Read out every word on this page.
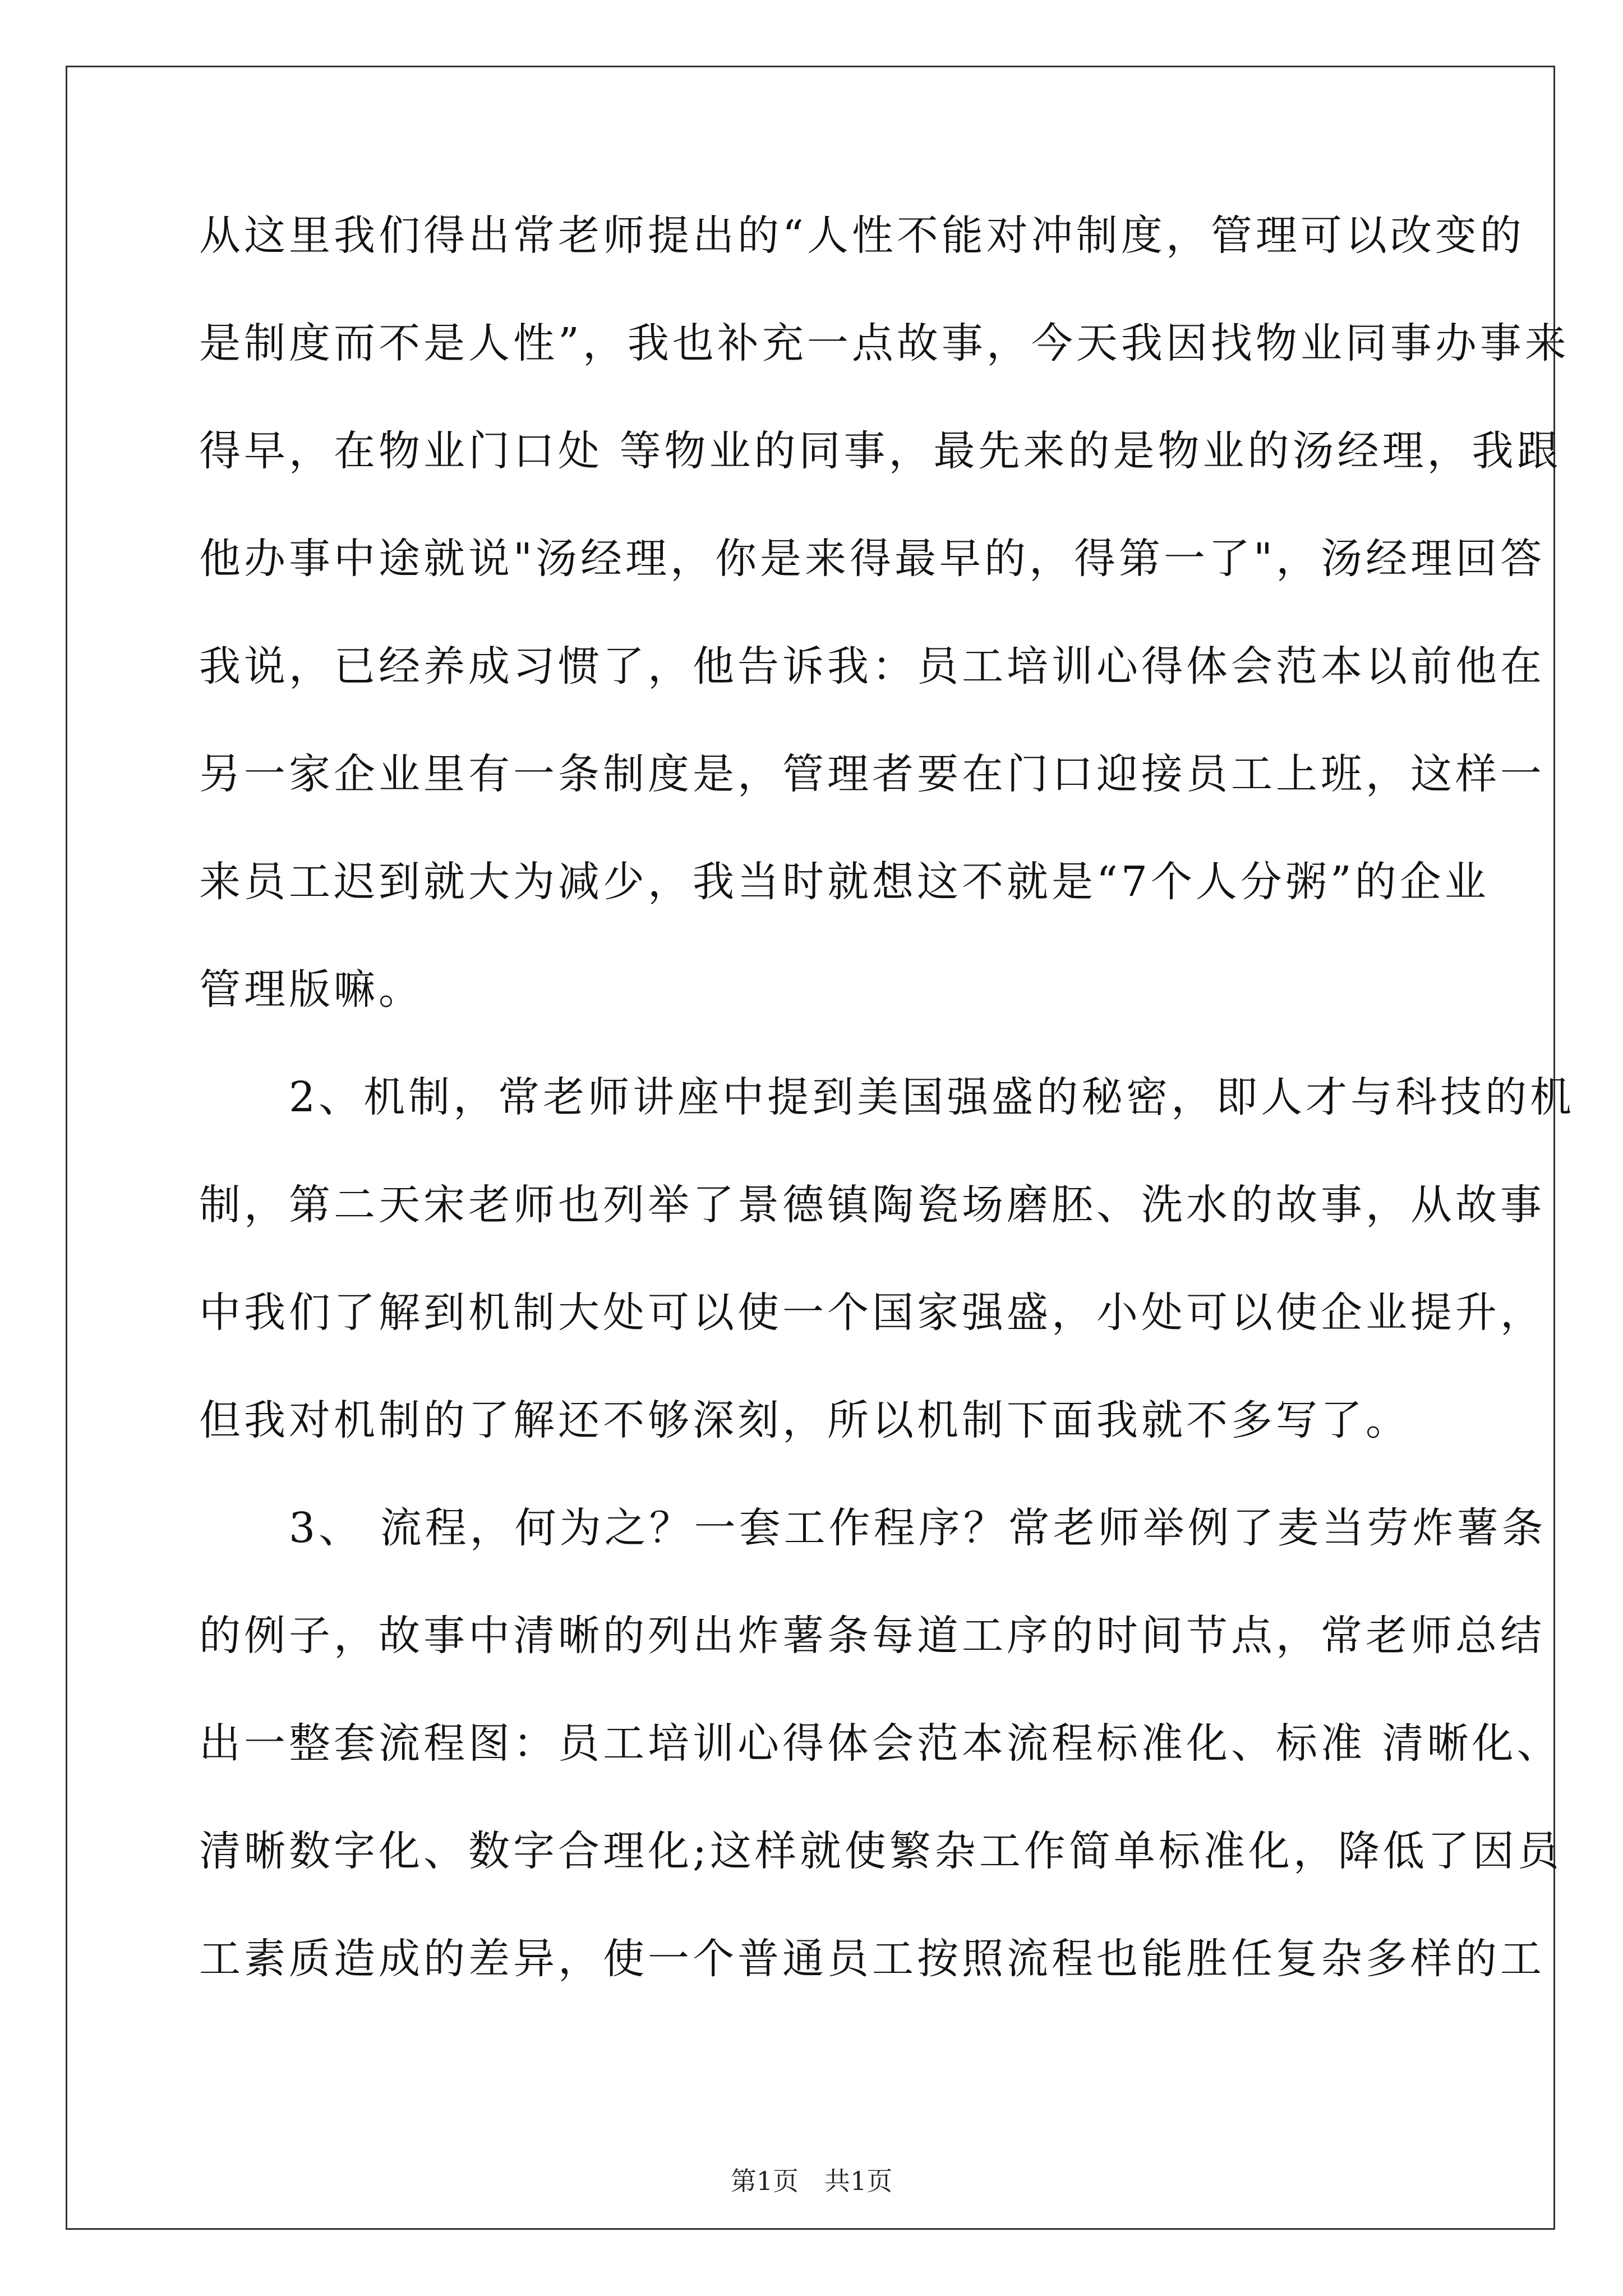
从这里我们得出常老师提出的“人性不能对冲制度，管理可以改变的
是制度而不是人性”，我也补充一点故事，今天我因找物业同事办事来
得早，在物业门口处 等物业的同事，最先来的是物业的汤经理，我跟
他办事中途就说"汤经理，你是来得最早的，得第一了"，汤经理回答
我说，已经养成习惯了，他告诉我：员工培训心得体会范本以前他在
另一家企业里有一条制度是，管理者要在门口迎接员工上班，这样一
来员工迟到就大为减少，我当时就想这不就是“7个人分粥”的企业
管理版嘛。
　　2、机制，常老师讲座中提到美国强盛的秘密，即人才与科技的机
制，第二天宋老师也列举了景德镇陶瓷场磨胚、洗水的故事，从故事
中我们了解到机制大处可以使一个国家强盛，小处可以使企业提升，
但我对机制的了解还不够深刻，所以机制下面我就不多写了。
　　3、 流程，何为之？一套工作程序？常老师举例了麦当劳炸薯条
的例子，故事中清晰的列出炸薯条每道工序的时间节点，常老师总结
出一整套流程图：员工培训心得体会范本流程标准化、标准 清晰化、
清晰数字化、数字合理化;这样就使繁杂工作简单标准化，降低了因员
工素质造成的差异，使一个普通员工按照流程也能胜任复杂多样的工
第1页　共1页
